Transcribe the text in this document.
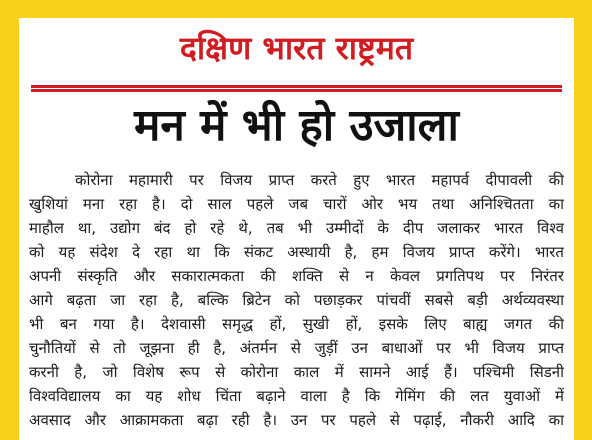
दक्षिण भारत राष्ट्रमत
मन में भी हो उजाला
कोरोना महामारी पर विजय प्राप्त करते हुए भारत महापर्व दीपावली की
खुशियां मना रहा है। दो साल पहले जब चारों ओर भय तथा अनिश्चितता का
माहौल था, उद्योग बंद हो रहे थे, तब भी उम्मीदों के दीप जलाकर भारत विश्व
को यह संदेश दे रहा था कि संकट अस्थायी है, हम विजय प्राप्त करेंगे। भारत
अपनी संस्कृति और सकारात्मकता की शक्ति से न केवल प्रगतिपथ पर निरंतर
आगे बढ़ता जा रहा है, बल्कि ब्रिटेन को पछाड़कर पांचवीं सबसे बड़ी अर्थव्यवस्था
भी बन गया है। देशवासी समृद्ध हों, सुखी हों, इसके लिए बाह्य जगत की
चुनौतियों से तो जूझना ही है, अंतर्मन से जुड़ीं उन बाधाओं पर भी विजय प्राप्त
करनी है, जो विशेष रूप से कोरोना काल में सामने आई हैं। पश्चिमी सिडनी
विश्वविद्यालय का यह शोध चिंता बढ़ाने वाला है कि गेमिंग की लत युवाओं में
अवसाद और आक्रामकता बढ़ा रही है। उन पर पहले से पढ़ाई, नौकरी आदि का
